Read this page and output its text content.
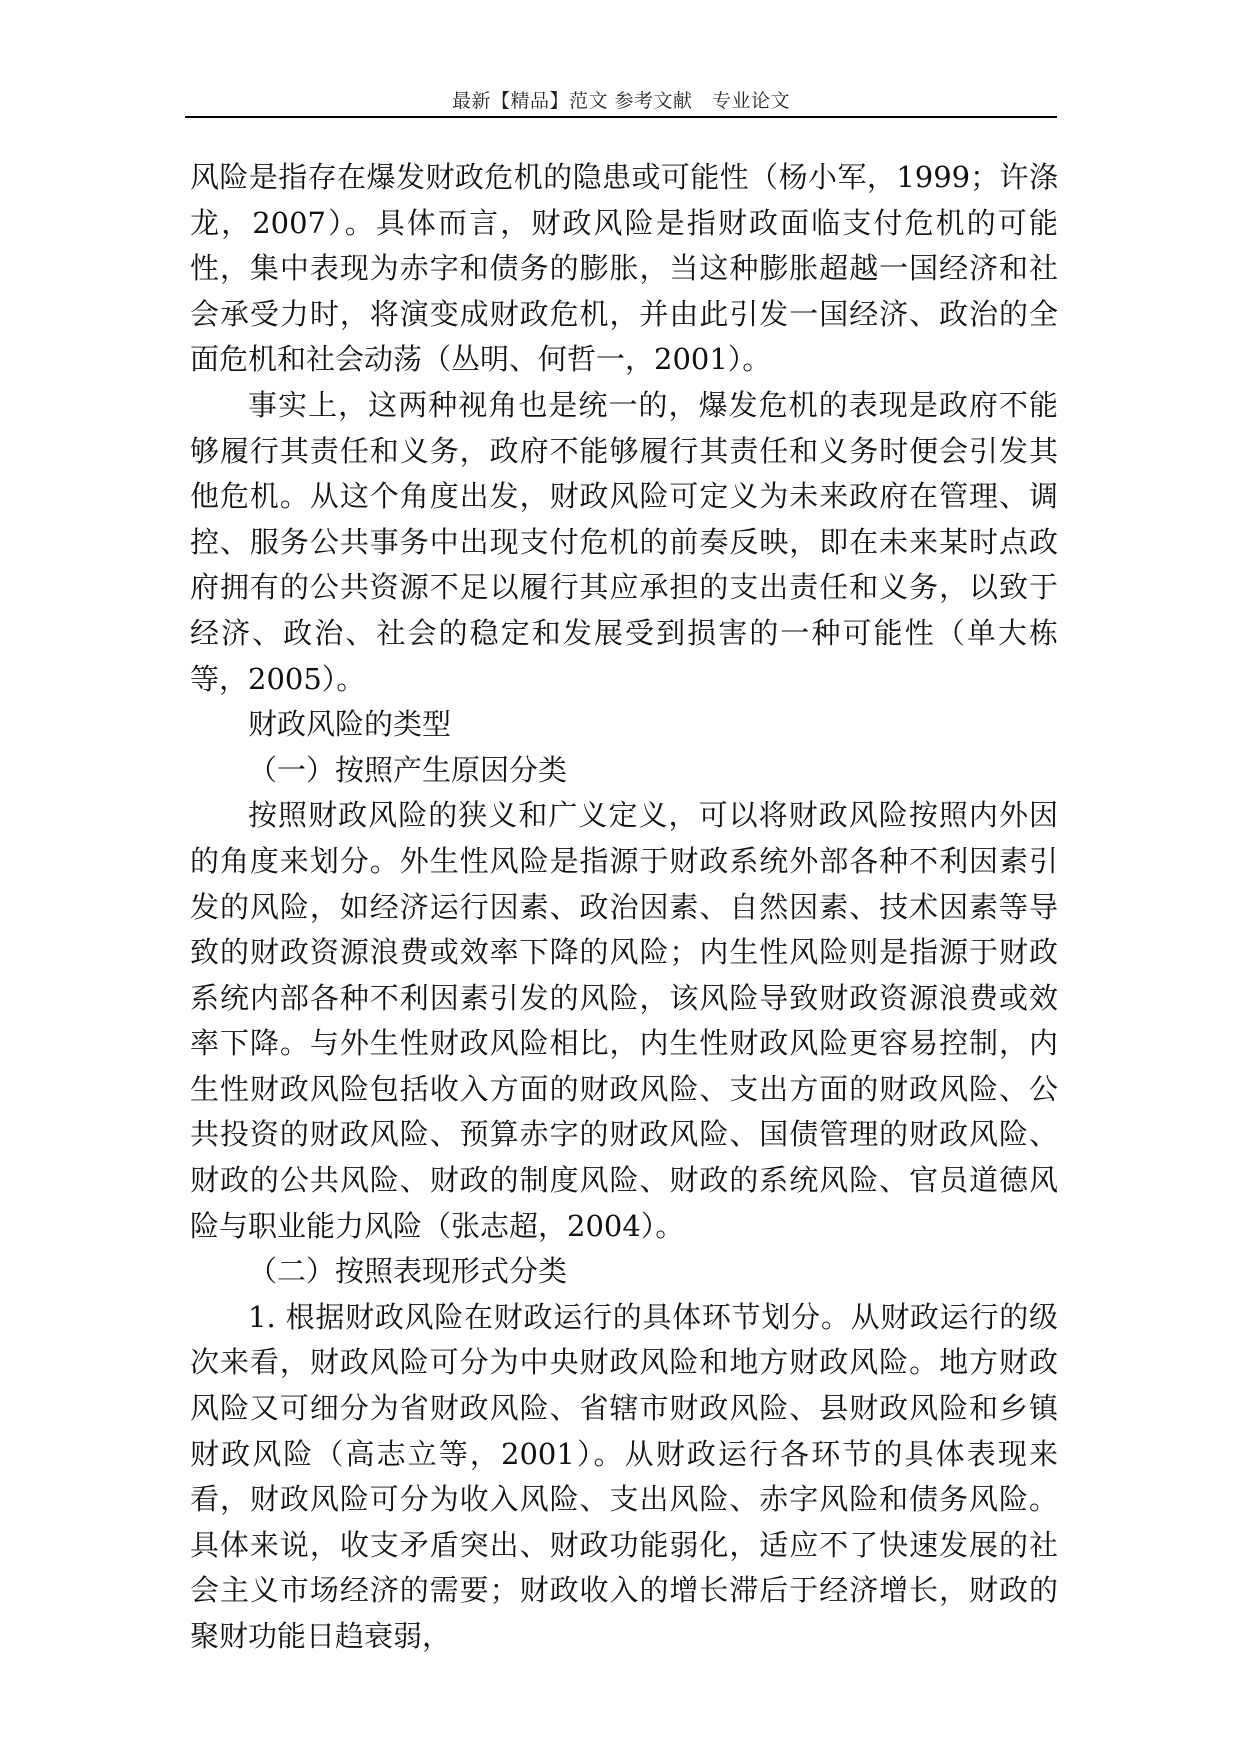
最新【精品】范文 参考文献　专业论文

风险是指存在爆发财政危机的隐患或可能性（杨小军，1999；许涤龙，2007）。具体而言，财政风险是指财政面临支付危机的可能性，集中表现为赤字和债务的膨胀，当这种膨胀超越一国经济和社会承受力时，将演变成财政危机，并由此引发一国经济、政治的全面危机和社会动荡（丛明、何哲一，2001）。

事实上，这两种视角也是统一的，爆发危机的表现是政府不能够履行其责任和义务，政府不能够履行其责任和义务时便会引发其他危机。从这个角度出发，财政风险可定义为未来政府在管理、调控、服务公共事务中出现支付危机的前奏反映，即在未来某时点政府拥有的公共资源不足以履行其应承担的支出责任和义务，以致于经济、政治、社会的稳定和发展受到损害的一种可能性（单大栋等，2005）。

财政风险的类型

（一）按照产生原因分类

按照财政风险的狭义和广义定义，可以将财政风险按照内外因的角度来划分。外生性风险是指源于财政系统外部各种不利因素引发的风险，如经济运行因素、政治因素、自然因素、技术因素等导致的财政资源浪费或效率下降的风险；内生性风险则是指源于财政系统内部各种不利因素引发的风险，该风险导致财政资源浪费或效率下降。与外生性财政风险相比，内生性财政风险更容易控制，内生性财政风险包括收入方面的财政风险、支出方面的财政风险、公共投资的财政风险、预算赤字的财政风险、国债管理的财政风险、财政的公共风险、财政的制度风险、财政的系统风险、官员道德风险与职业能力风险（张志超，2004）。

（二）按照表现形式分类

1. 根据财政风险在财政运行的具体环节划分。从财政运行的级次来看，财政风险可分为中央财政风险和地方财政风险。地方财政风险又可细分为省财政风险、省辖市财政风险、县财政风险和乡镇财政风险（高志立等，2001）。从财政运行各环节的具体表现来看，财政风险可分为收入风险、支出风险、赤字风险和债务风险。具体来说，收支矛盾突出、财政功能弱化，适应不了快速发展的社会主义市场经济的需要；财政收入的增长滞后于经济增长，财政的聚财功能日趋衰弱，
